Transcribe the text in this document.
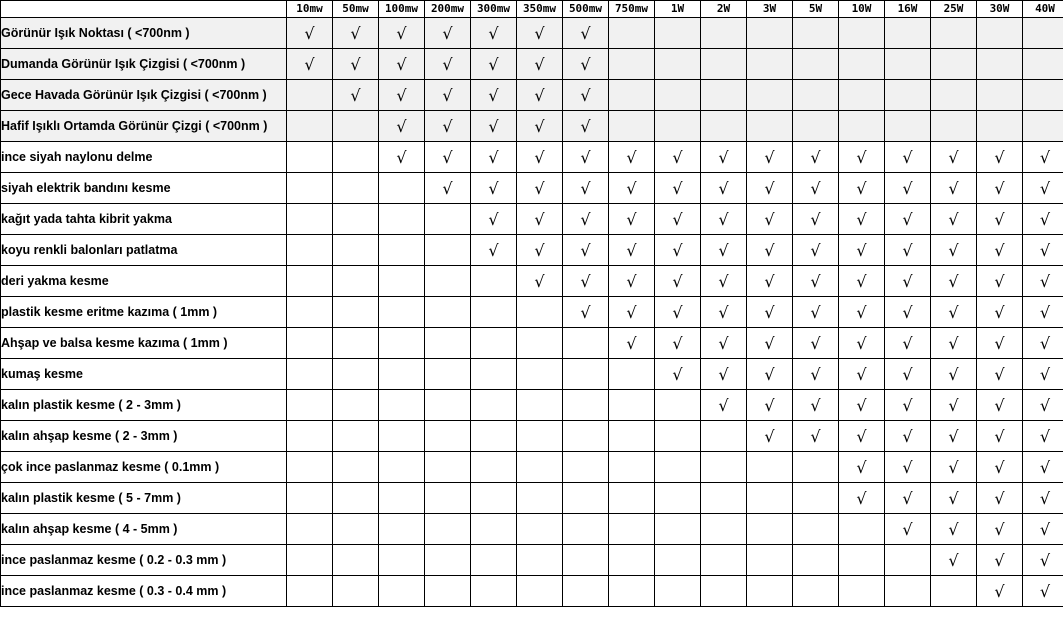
	10mw	50mw	100mw	200mw	300mw	350mw	500mw	750mw	1W	2W	3W	5W	10W	16W	25W	30W	40W
Görünür Işık Noktası ( <700nm )	√	√	√	√	√	√	√										
Dumanda Görünür Işık Çizgisi ( <700nm )	√	√	√	√	√	√	√										
Gece Havada Görünür Işık Çizgisi ( <700nm )		√	√	√	√	√	√										
Hafif Işıklı Ortamda Görünür Çizgi ( <700nm )			√	√	√	√	√										
ince siyah naylonu delme			√	√	√	√	√	√	√	√	√	√	√	√	√	√	√
siyah elektrik bandını kesme				√	√	√	√	√	√	√	√	√	√	√	√	√	√
kağıt yada tahta kibrit yakma					√	√	√	√	√	√	√	√	√	√	√	√	√
koyu renkli balonları patlatma					√	√	√	√	√	√	√	√	√	√	√	√	√
deri yakma kesme						√	√	√	√	√	√	√	√	√	√	√	√
plastik kesme eritme kazıma ( 1mm )							√	√	√	√	√	√	√	√	√	√	√
Ahşap ve balsa kesme kazıma ( 1mm )								√	√	√	√	√	√	√	√	√	√
kumaş kesme									√	√	√	√	√	√	√	√	√
kalın plastik kesme ( 2 - 3mm )										√	√	√	√	√	√	√	√
kalın ahşap kesme ( 2 - 3mm )											√	√	√	√	√	√	√
çok ince paslanmaz kesme ( 0.1mm )													√	√	√	√	√
kalın plastik kesme ( 5 - 7mm )													√	√	√	√	√
kalın ahşap kesme ( 4 - 5mm )														√	√	√	√
ince paslanmaz kesme ( 0.2 - 0.3 mm )															√	√	√
ince paslanmaz kesme ( 0.3 - 0.4 mm )																√	√
